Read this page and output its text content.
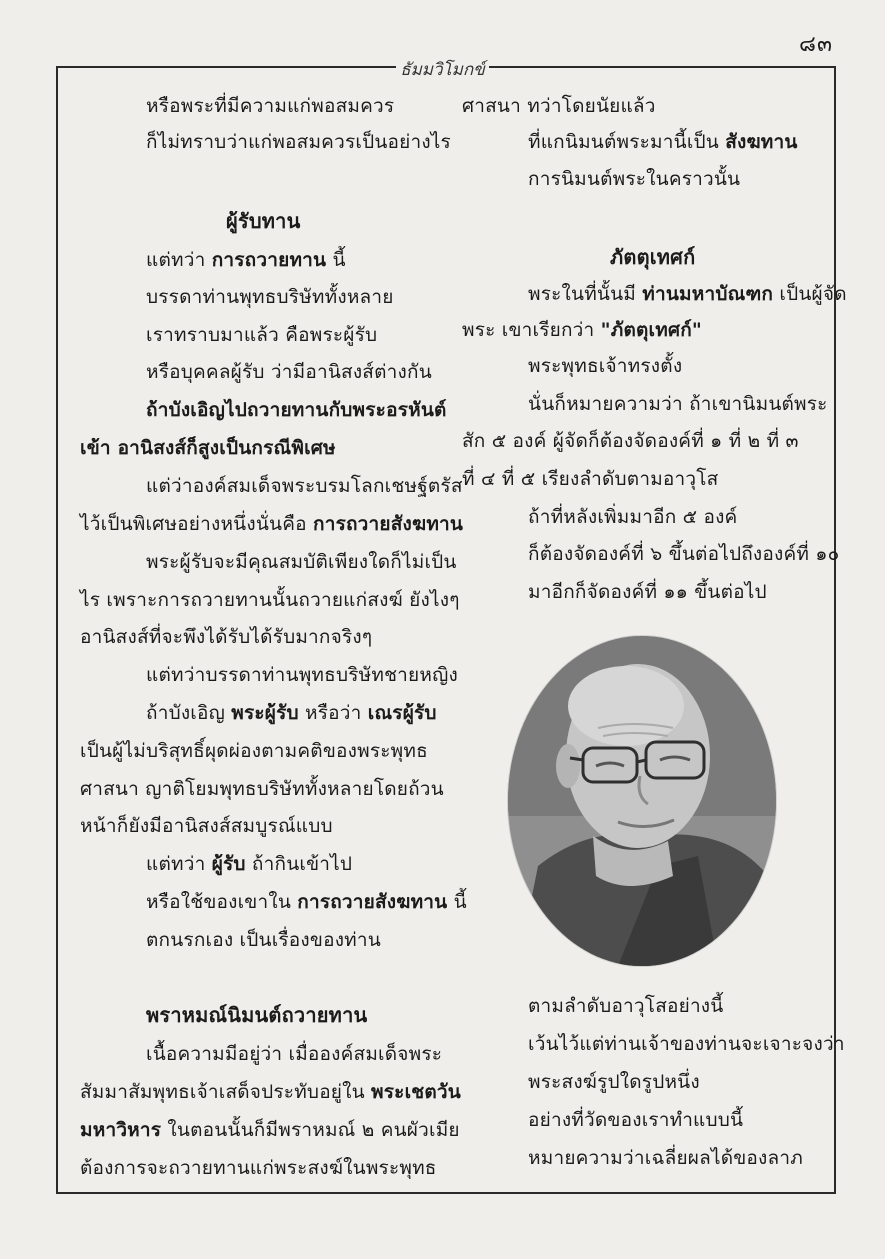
๘๓
ธัมมวิโมกข์
หรือพระที่มีความแก่พอสมควร
ก็ไม่ทราบว่าแก่พอสมควรเป็นอย่างไร
ผู้รับทาน
แต่ทว่า การถวายทาน นี้
บรรดาท่านพุทธบริษัททั้งหลาย
เราทราบมาแล้ว คือพระผู้รับ
หรือบุคคลผู้รับ ว่ามีอานิสงส์ต่างกัน
ถ้าบังเอิญไปถวายทานกับพระอรหันต์
เข้า อานิสงส์ก็สูงเป็นกรณีพิเศษ
แต่ว่าองค์สมเด็จพระบรมโลกเชษฐ์ตรัส
ไว้เป็นพิเศษอย่างหนึ่งนั่นคือ การถวายสังฆทาน
พระผู้รับจะมีคุณสมบัติเพียงใดก็ไม่เป็น
ไร เพราะการถวายทานนั้นถวายแก่สงฆ์ ยังไงๆ
อานิสงส์ที่จะพึงได้รับได้รับมากจริงๆ
แต่ทว่าบรรดาท่านพุทธบริษัทชายหญิง
ถ้าบังเอิญ พระผู้รับ หรือว่า เณรผู้รับ
เป็นผู้ไม่บริสุทธิ์ผุดผ่องตามคติของพระพุทธ
ศาสนา ญาติโยมพุทธบริษัททั้งหลายโดยถ้วน
หน้าก็ยังมีอานิสงส์สมบูรณ์แบบ
แต่ทว่า ผู้รับ ถ้ากินเข้าไป
หรือใช้ของเขาใน การถวายสังฆทาน นี้
ตกนรกเอง เป็นเรื่องของท่าน
พราหมณ์นิมนต์ถวายทาน
เนื้อความมีอยู่ว่า เมื่อองค์สมเด็จพระ
สัมมาสัมพุทธเจ้าเสด็จประทับอยู่ใน พระเชตวัน
มหาวิหาร ในตอนนั้นก็มีพราหมณ์ ๒ คนผัวเมีย
ต้องการจะถวายทานแก่พระสงฆ์ในพระพุทธ
ศาสนา ทว่าโดยนัยแล้ว
ที่แกนิมนต์พระมานี้เป็น สังฆทาน
การนิมนต์พระในคราวนั้น
ภัตตุเทศก์
พระในที่นั้นมี ท่านมหาบัณฑก เป็นผู้จัด
พระ เขาเรียกว่า "ภัตตุเทศก์"
พระพุทธเจ้าทรงตั้ง
นั่นก็หมายความว่า ถ้าเขานิมนต์พระ
สัก ๕ องค์ ผู้จัดก็ต้องจัดองค์ที่ ๑ ที่ ๒ ที่ ๓
ที่ ๔ ที่ ๕ เรียงลำดับตามอาวุโส
ถ้าที่หลังเพิ่มมาอีก ๕ องค์
ก็ต้องจัดองค์ที่ ๖ ขึ้นต่อไปถึงองค์ที่ ๑๐
มาอีกก็จัดองค์ที่ ๑๑ ขึ้นต่อไป
ตามลำดับอาวุโสอย่างนี้
เว้นไว้แต่ท่านเจ้าของท่านจะเจาะจงว่า
พระสงฆ์รูปใดรูปหนึ่ง
อย่างที่วัดของเราทำแบบนี้
หมายความว่าเฉลี่ยผลได้ของลาภ
